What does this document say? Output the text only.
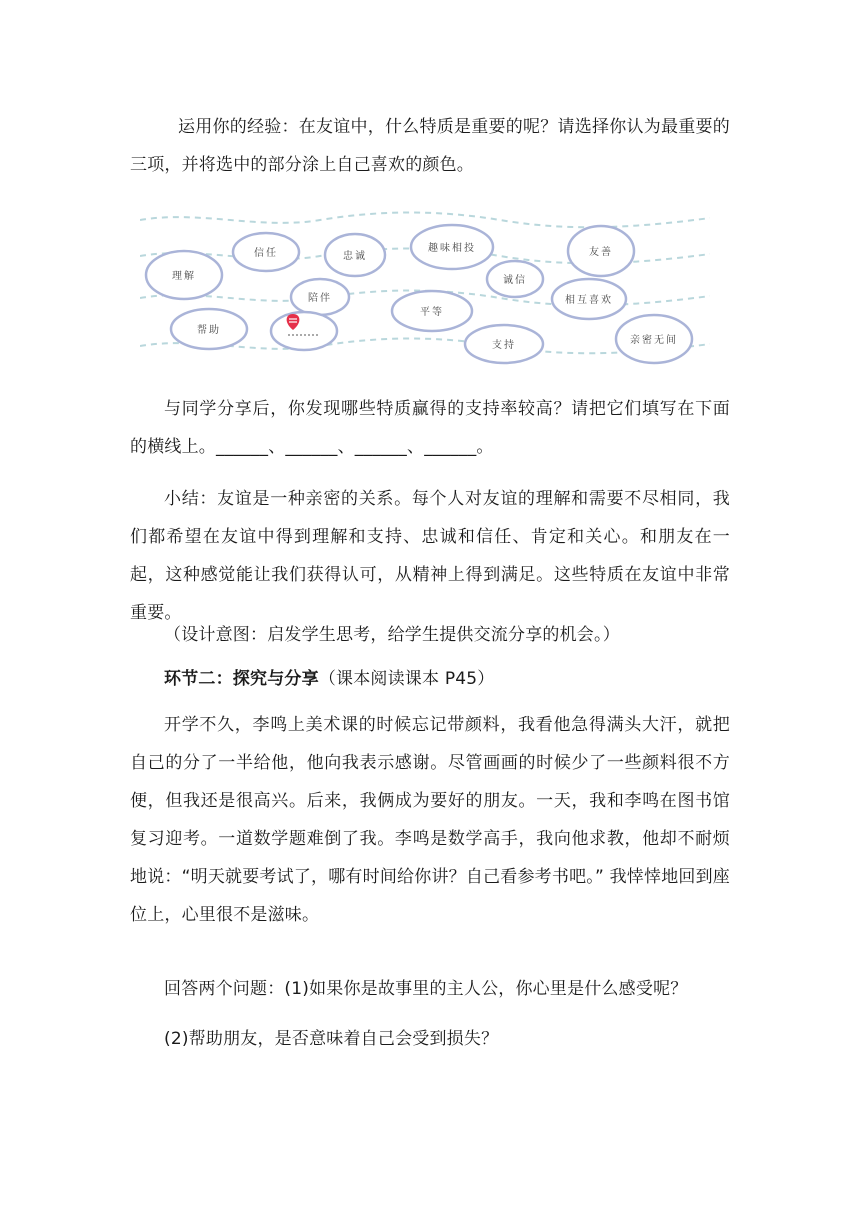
运用你的经验：在友谊中，什么特质是重要的呢？请选择你认为最重要的三项，并将选中的部分涂上自己喜欢的颜色。

理解
信任	忠诚
趣味相投	友善
诚信
陪伴
平等
相互喜欢
帮助
支持	亲密无间

与同学分享后，你发现哪些特质赢得的支持率较高？请把它们填写在下面的横线上。______、______、______、______。

小结：友谊是一种亲密的关系。每个人对友谊的理解和需要不尽相同，我们都希望在友谊中得到理解和支持、忠诚和信任、肯定和关心。和朋友在一起，这种感觉能让我们获得认可，从精神上得到满足。这些特质在友谊中非常重要。

（设计意图：启发学生思考，给学生提供交流分享的机会。）

环节二：探究与分享（课本阅读课本 P45）

开学不久，李鸣上美术课的时候忘记带颜料，我看他急得满头大汗，就把自己的分了一半给他，他向我表示感谢。尽管画画的时候少了一些颜料很不方便，但我还是很高兴。后来，我俩成为要好的朋友。一天，我和李鸣在图书馆复习迎考。一道数学题难倒了我。李鸣是数学高手，我向他求教，他却不耐烦地说：“明天就要考试了，哪有时间给你讲？自己看参考书吧。” 我悻悻地回到座位上，心里很不是滋味。

回答两个问题：(1)如果你是故事里的主人公，你心里是什么感受呢？

(2)帮助朋友，是否意味着自己会受到损失？
